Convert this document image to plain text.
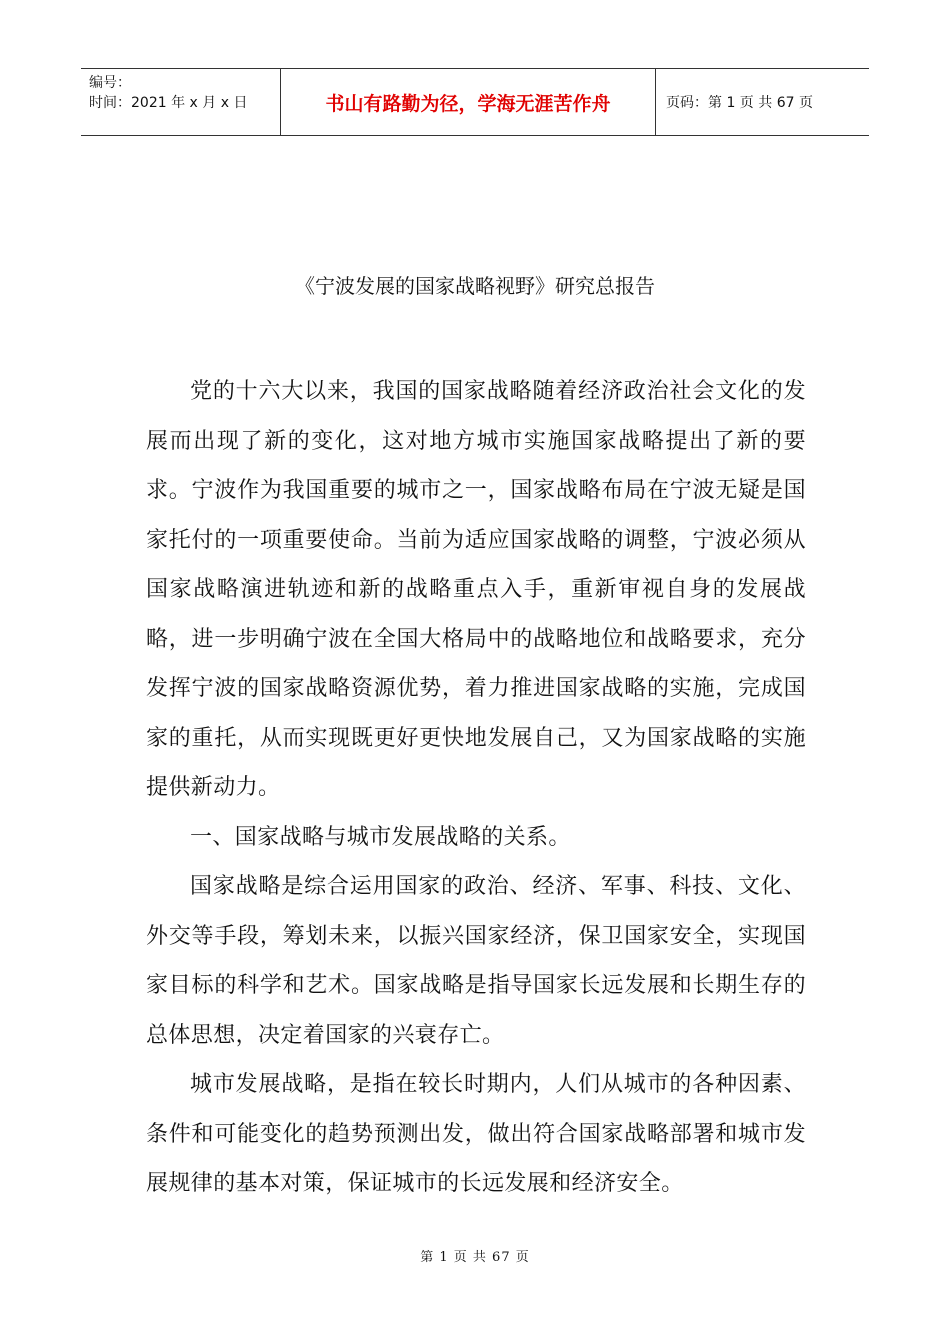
编号：
时间：2021 年 x 月 x 日	书山有路勤为径，学海无涯苦作舟	页码：第 1 页 共 67 页
《宁波发展的国家战略视野》研究总报告

党的十六大以来，我国的国家战略随着经济政治社会文化的发展而出现了新的变化，这对地方城市实施国家战略提出了新的要求。宁波作为我国重要的城市之一，国家战略布局在宁波无疑是国家托付的一项重要使命。当前为适应国家战略的调整，宁波必须从国家战略演进轨迹和新的战略重点入手，重新审视自身的发展战略，进一步明确宁波在全国大格局中的战略地位和战略要求，充分发挥宁波的国家战略资源优势，着力推进国家战略的实施，完成国家的重托，从而实现既更好更快地发展自己，又为国家战略的实施提供新动力。

一、国家战略与城市发展战略的关系。

国家战略是综合运用国家的政治、经济、军事、科技、文化、外交等手段，筹划未来，以振兴国家经济，保卫国家安全，实现国家目标的科学和艺术。国家战略是指导国家长远发展和长期生存的总体思想，决定着国家的兴衰存亡。

城市发展战略，是指在较长时期内，人们从城市的各种因素、条件和可能变化的趋势预测出发，做出符合国家战略部署和城市发展规律的基本对策，保证城市的长远发展和经济安全。

第 1 页 共 67 页
